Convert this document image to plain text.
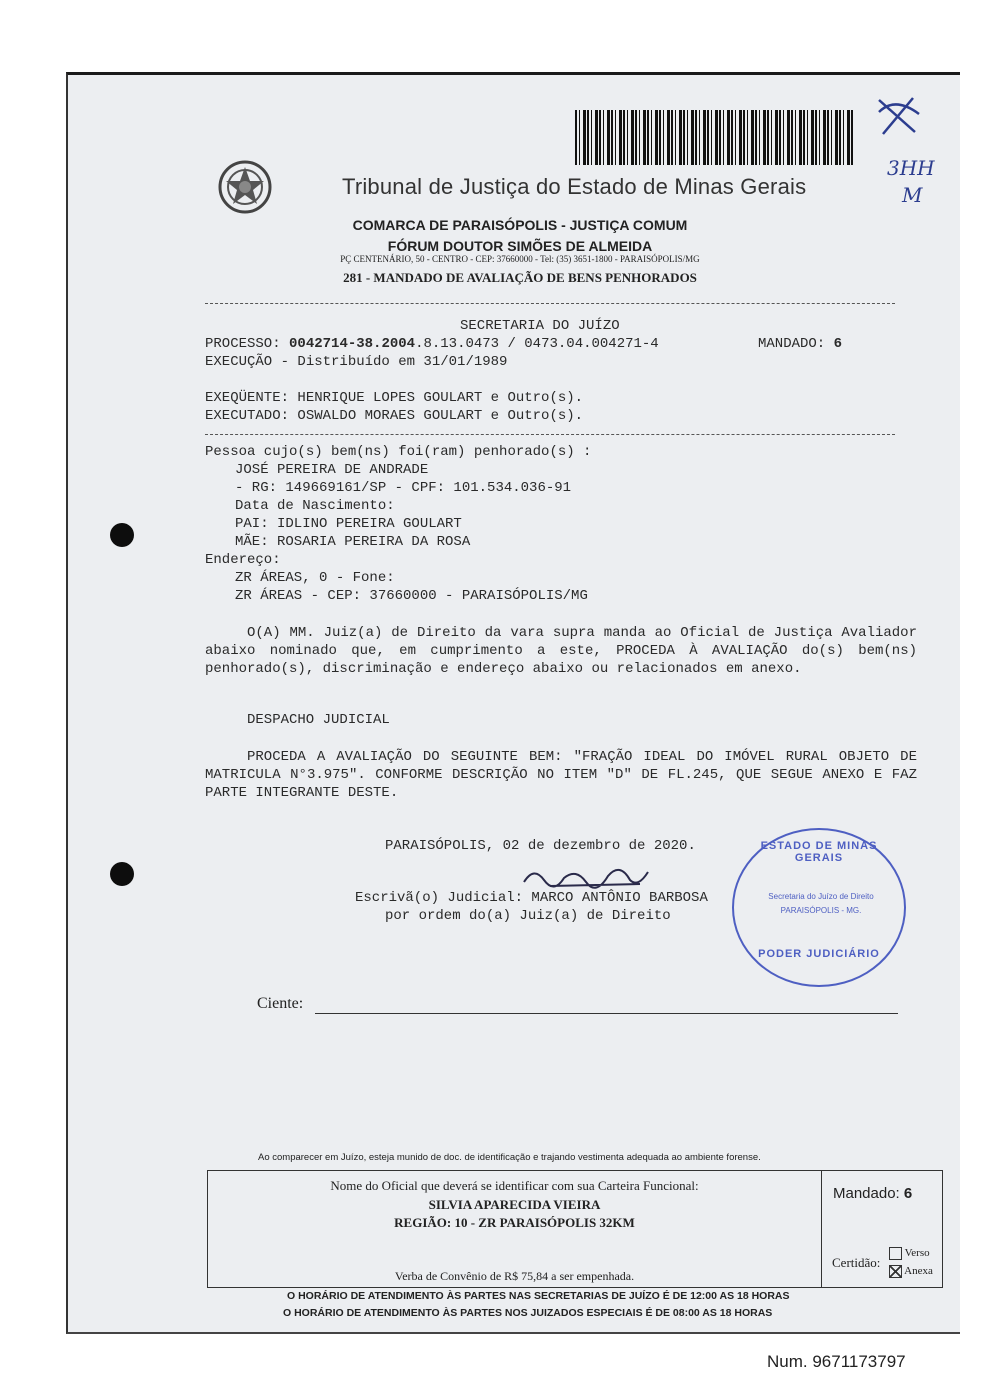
3HH
M
Tribunal de Justiça do Estado de Minas Gerais
COMARCA DE PARAISÓPOLIS - JUSTIÇA COMUM
FÓRUM DOUTOR SIMÕES DE ALMEIDA
PÇ CENTENÁRIO, 50 - CENTRO - CEP: 37660000 - Tel: (35) 3651-1800 - PARAISÓPOLIS/MG
281 - MANDADO DE AVALIAÇÃO DE BENS PENHORADOS
SECRETARIA DO JUÍZO
PROCESSO: 0042714-38.2004.8.13.0473 / 0473.04.004271-4	MANDADO: 6
EXECUÇÃO - Distribuído em 31/01/1989
EXEQÜENTE: HENRIQUE LOPES GOULART e Outro(s).
EXECUTADO: OSWALDO MORAES GOULART e Outro(s).
Pessoa cujo(s) bem(ns) foi(ram) penhorado(s) :
JOSÉ PEREIRA DE ANDRADE
- RG: 149669161/SP - CPF: 101.534.036-91
Data de Nascimento:
PAI: IDLINO PEREIRA GOULART
MÃE: ROSARIA PEREIRA DA ROSA
Endereço:
ZR ÁREAS, 0 - Fone:
ZR ÁREAS - CEP: 37660000 - PARAISÓPOLIS/MG
O(A) MM. Juiz(a) de Direito da vara supra manda ao Oficial de Justiça Avaliador abaixo nominado que, em cumprimento a este, PROCEDA À AVALIAÇÃO do(s) bem(ns) penhorado(s), discriminação e endereço abaixo ou relacionados em anexo.
DESPACHO JUDICIAL
PROCEDA A AVALIAÇÃO DO SEGUINTE BEM: "FRAÇÃO IDEAL DO IMÓVEL RURAL OBJETO DE MATRICULA N°3.975". CONFORME DESCRIÇÃO NO ITEM "D" DE FL.245, QUE SEGUE ANEXO E FAZ PARTE INTEGRANTE DESTE.
PARAISÓPOLIS, 02 de dezembro de 2020.
Escrivã(o) Judicial: MARCO ANTÔNIO BARBOSA
por ordem do(a) Juiz(a) de Direito
ESTADO DE MINAS GERAIS
Secretaria do Juízo de Direito
PARAISÓPOLIS - MG.
PODER JUDICIÁRIO
Ciente:
Ao comparecer em Juízo, esteja munido de doc. de identificação e trajando vestimenta adequada ao ambiente forense.
Nome do Oficial que deverá se identificar com sua Carteira Funcional:
SILVIA APARECIDA VIEIRA
REGIÃO: 10 - ZR PARAISÓPOLIS 32KM
Verba de Convênio de R$ 75,84 a ser empenhada.
Mandado: 6
Certidão:
Verso
Anexa
O HORÁRIO DE ATENDIMENTO ÀS PARTES NAS SECRETARIAS DE JUÍZO É DE 12:00 AS 18 HORAS
O HORÁRIO DE ATENDIMENTO ÀS PARTES NOS JUIZADOS ESPECIAIS É DE 08:00 AS 18 HORAS
Num. 9671173797
